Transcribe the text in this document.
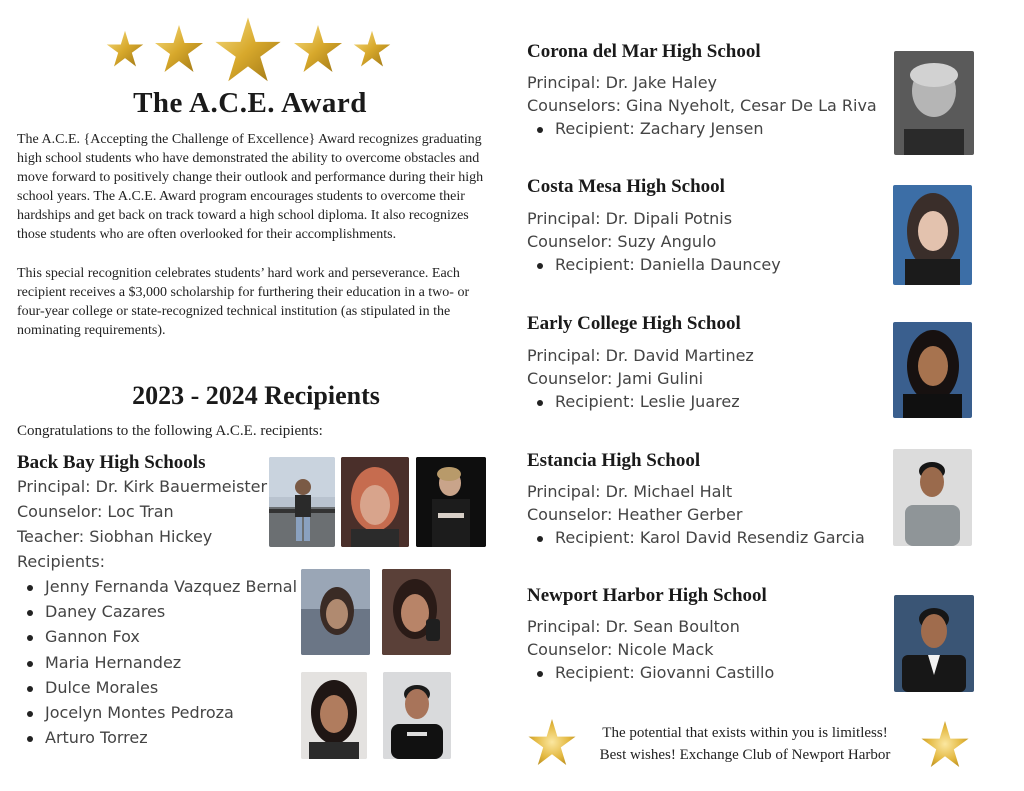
The A.C.E. Award

The A.C.E. {Accepting the Challenge of Excellence} Award recognizes graduating high school students who have demonstrated the ability to overcome obstacles and move forward to positively change their outlook and performance during their high school years. The A.C.E. Award program encourages students to overcome their hardships and get back on track toward a high school diploma. It also recognizes those students who are often overlooked for their accomplishments.

This special recognition celebrates students’ hard work and perseverance. Each recipient receives a $3,000 scholarship for furthering their education in a two- or four-year college or state-recognized technical institution (as stipulated in the nominating requirements).

2023 - 2024 Recipients
Congratulations to the following A.C.E. recipients:
Back Bay High Schools
Principal: Dr. Kirk Bauermeister
Counselor: Loc Tran
Teacher: Siobhan Hickey
Recipients:
Jenny Fernanda Vazquez Bernal
Daney Cazares
Gannon Fox
Maria Hernandez
Dulce Morales
Jocelyn Montes Pedroza
Arturo Torrez
Corona del Mar High School
Principal: Dr. Jake Haley
Counselors: Gina Nyeholt, Cesar De La Riva
Recipient: Zachary Jensen
Costa Mesa High School
Principal: Dr. Dipali Potnis
Counselor: Suzy Angulo
Recipient: Daniella Dauncey
Early College High School
Principal: Dr. David Martinez
Counselor: Jami Gulini
Recipient: Leslie Juarez
Estancia High School
Principal: Dr. Michael Halt
Counselor: Heather Gerber
Recipient: Karol David Resendiz Garcia
Newport Harbor High School
Principal: Dr. Sean Boulton
Counselor: Nicole Mack
Recipient: Giovanni Castillo
The potential that exists within you is limitless!
Best wishes! Exchange Club of Newport Harbor
